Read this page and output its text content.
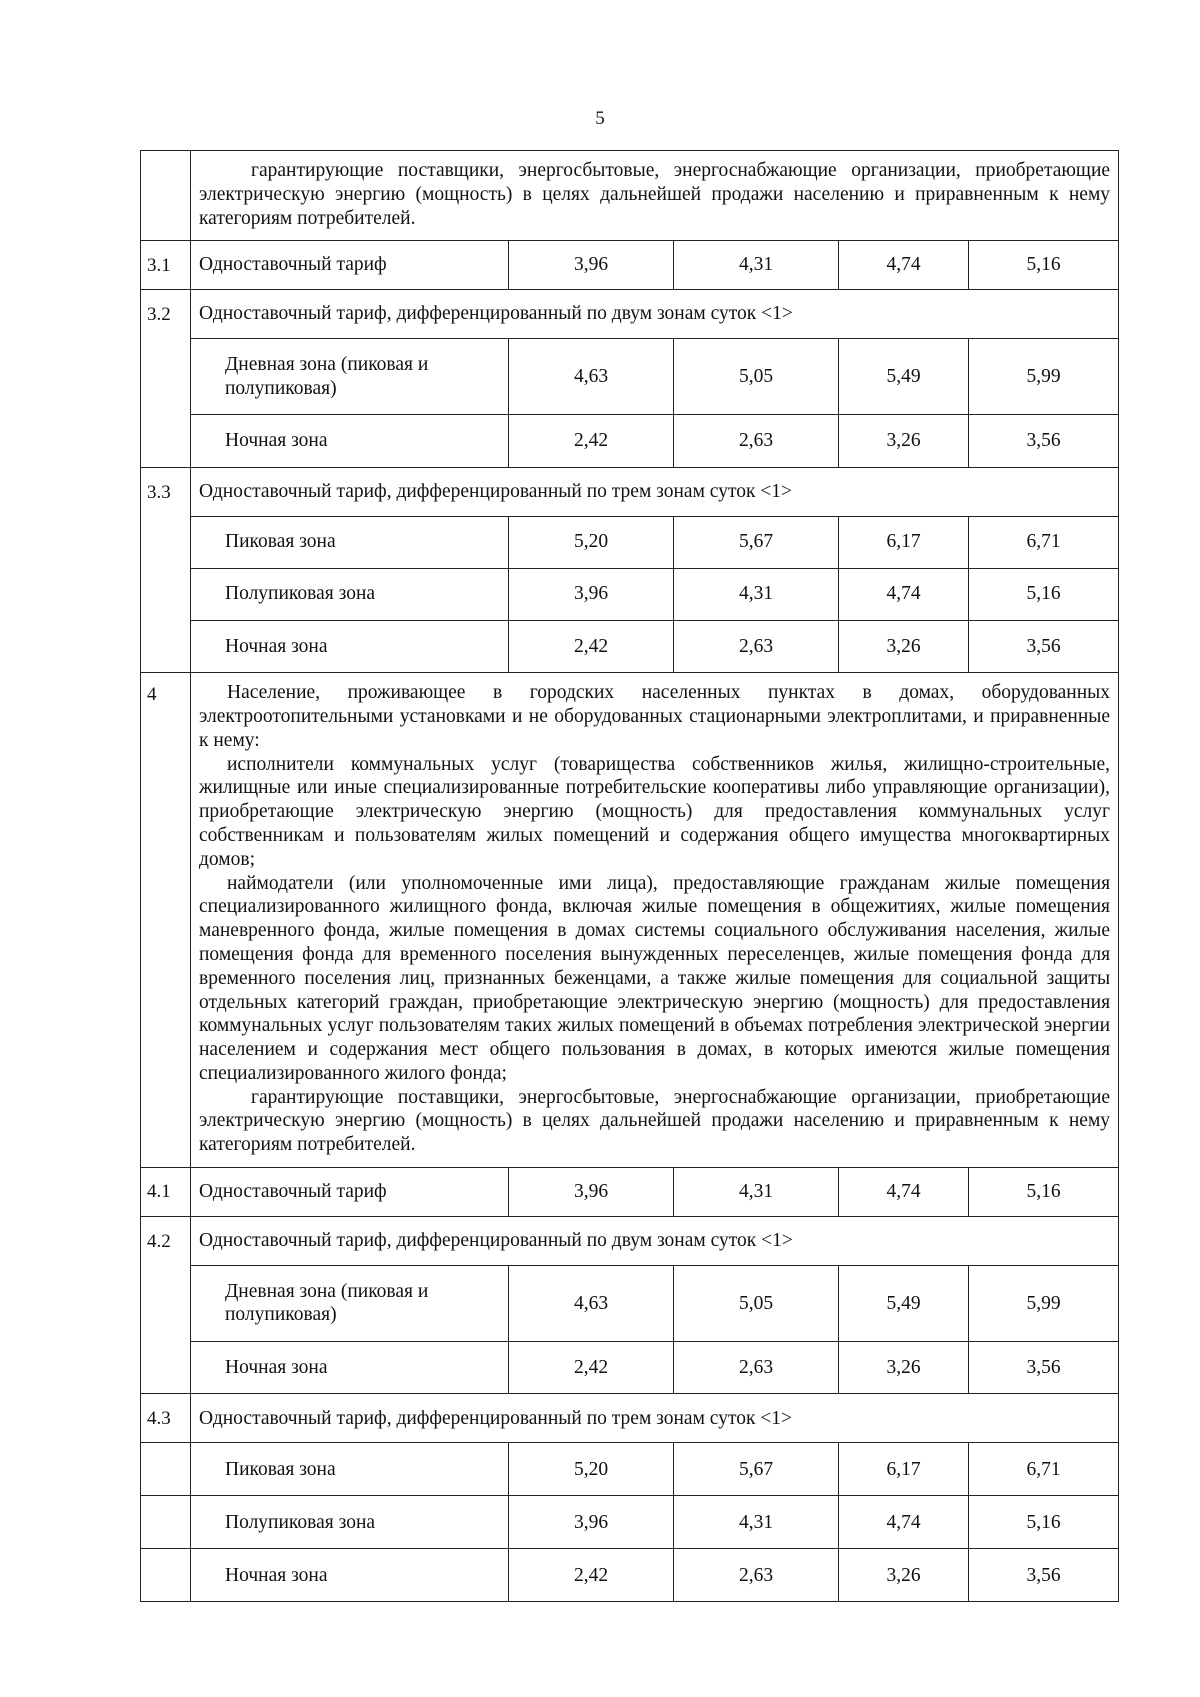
5

	гарантирующие поставщики, энергосбытовые, энергоснабжающие организации, приобретающие электрическую энергию (мощность) в целях дальнейшей продажи населению и приравненным к нему категориям потребителей.				

3.1	Одноставочный тариф	3,96	4,31	4,74	5,16
3.2	Одноставочный тариф, дифференцированный по двум зонам суток <1>				
	Дневная зона (пиковая и полупиковая)	4,63	5,05	5,49	5,99
	Ночная зона	2,42	2,63	3,26	3,56
3.3	Одноставочный тариф, дифференцированный по трем зонам суток <1>				
	Пиковая зона	5,20	5,67	6,17	6,71
	Полупиковая зона	3,96	4,31	4,74	5,16
	Ночная зона	2,42	2,63	3,26	3,56
4	Население, проживающее в городских населенных пунктах в домах, оборудованных электроотопительными установками и не оборудованных стационарными электроплитами, и приравненные к нему:

исполнители коммунальных услуг (товарищества собственников жилья, жилищно-строительные, жилищные или иные специализированные потребительские кооперативы либо управляющие организации), приобретающие электрическую энергию (мощность) для предоставления коммунальных услуг собственникам и пользователям жилых помещений и содержания общего имущества многоквартирных домов;

наймодатели (или уполномоченные ими лица), предоставляющие гражданам жилые помещения специализированного жилищного фонда, включая жилые помещения в общежитиях, жилые помещения маневренного фонда, жилые помещения в домах системы социального обслуживания населения, жилые помещения фонда для временного поселения вынужденных переселенцев, жилые помещения фонда для временного поселения лиц, признанных беженцами, а также жилые помещения для социальной защиты отдельных категорий граждан, приобретающие электрическую энергию (мощность) для предоставления коммунальных услуг пользователям таких жилых помещений в объемах потребления электрической энергии населением и содержания мест общего пользования в домах, в которых имеются жилые помещения специализированного жилого фонда;

гарантирующие поставщики, энергосбытовые, энергоснабжающие организации, приобретающие электрическую энергию (мощность) в целях дальнейшей продажи населению и приравненным к нему категориям потребителей.				

4.1	Одноставочный тариф	3,96	4,31	4,74	5,16
4.2	Одноставочный тариф, дифференцированный по двум зонам суток <1>				
	Дневная зона (пиковая и полупиковая)	4,63	5,05	5,49	5,99
	Ночная зона	2,42	2,63	3,26	3,56
4.3	Одноставочный тариф, дифференцированный по трем зонам суток <1>				
	Пиковая зона	5,20	5,67	6,17	6,71
	Полупиковая зона	3,96	4,31	4,74	5,16
	Ночная зона	2,42	2,63	3,26	3,56
